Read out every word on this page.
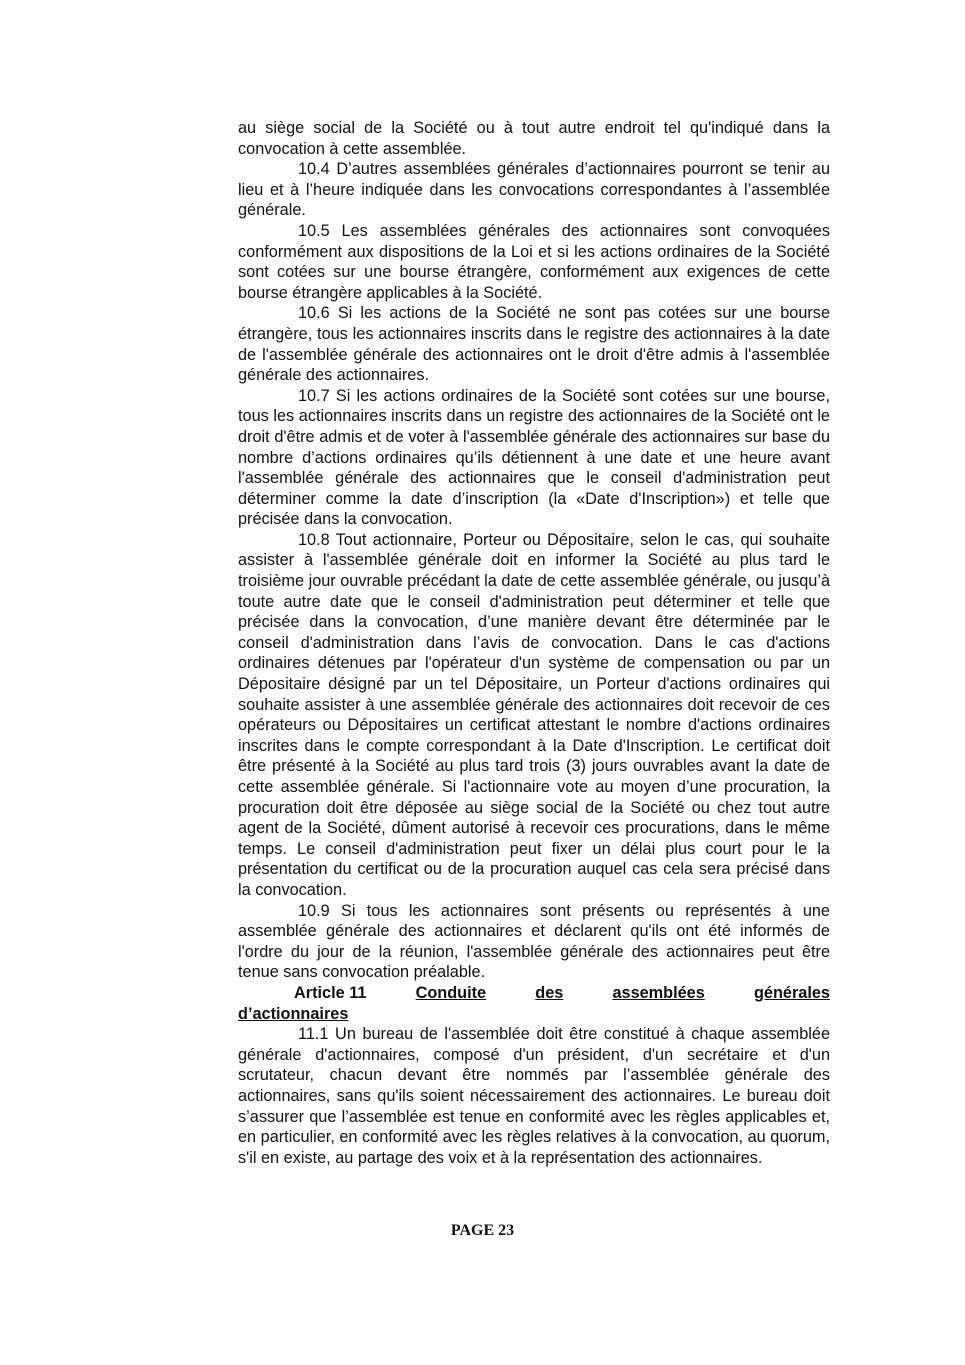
au siège social de la Société ou à tout autre endroit tel qu'indiqué dans la convocation à cette assemblée.

10.4 D’autres assemblées générales d’actionnaires pourront se tenir au lieu et à l’heure indiquée dans les convocations correspondantes à l’assemblée générale.

10.5 Les assemblées générales des actionnaires sont convoquées conformément aux dispositions de la Loi et si les actions ordinaires de la Société sont cotées sur une bourse étrangère, conformément aux exigences de cette bourse étrangère applicables à la Société.

10.6 Si les actions de la Société ne sont pas cotées sur une bourse étrangère, tous les actionnaires inscrits dans le registre des actionnaires à la date de l'assemblée générale des actionnaires ont le droit d'être admis à l'assemblée générale des actionnaires.

10.7 Si les actions ordinaires de la Société sont cotées sur une bourse, tous les actionnaires inscrits dans un registre des actionnaires de la Société ont le droit d'être admis et de voter à l'assemblée générale des actionnaires sur base du nombre d’actions ordinaires qu’ils détiennent à une date et une heure avant l'assemblée générale des actionnaires que le conseil d'administration peut déterminer comme la date d’inscription (la «Date d'Inscription») et telle que précisée dans la convocation.

10.8 Tout actionnaire, Porteur ou Dépositaire, selon le cas, qui souhaite assister à l'assemblée générale doit en informer la Société au plus tard le troisième jour ouvrable précédant la date de cette assemblée générale, ou jusqu’à toute autre date que le conseil d'administration peut déterminer et telle que précisée dans la convocation, d’une manière devant être déterminée par le conseil d'administration dans l’avis de convocation. Dans le cas d'actions ordinaires détenues par l'opérateur d'un système de compensation ou par un Dépositaire désigné par un tel Dépositaire, un Porteur d'actions ordinaires qui souhaite assister à une assemblée générale des actionnaires doit recevoir de ces opérateurs ou Dépositaires un certificat attestant le nombre d'actions ordinaires inscrites dans le compte correspondant à la Date d'Inscription. Le certificat doit être présenté à la Société au plus tard trois (3) jours ouvrables avant la date de cette assemblée générale. Si l'actionnaire vote au moyen d’une procuration, la procuration doit être déposée au siège social de la Société ou chez tout autre agent de la Société, dûment autorisé à recevoir ces procurations, dans le même temps. Le conseil d'administration peut fixer un délai plus court pour le la présentation du certificat ou de la procuration auquel cas cela sera précisé dans la convocation.

10.9 Si tous les actionnaires sont présents ou représentés à une assemblée générale des actionnaires et déclarent qu'ils ont été informés de l'ordre du jour de la réunion, l'assemblée générale des actionnaires peut être tenue sans convocation préalable.

Article 11	Conduite	des	assemblées	générales

d’actionnaires

11.1 Un bureau de l'assemblée doit être constitué à chaque assemblée générale d'actionnaires, composé d'un président, d'un secrétaire et d'un scrutateur, chacun devant être nommés par l’assemblée générale des actionnaires, sans qu'ils soient nécessairement des actionnaires. Le bureau doit s’assurer que l’assemblée est tenue en conformité avec les règles applicables et, en particulier, en conformité avec les règles relatives à la convocation, au quorum, s'il en existe, au partage des voix et à la représentation des actionnaires.

PAGE 23
